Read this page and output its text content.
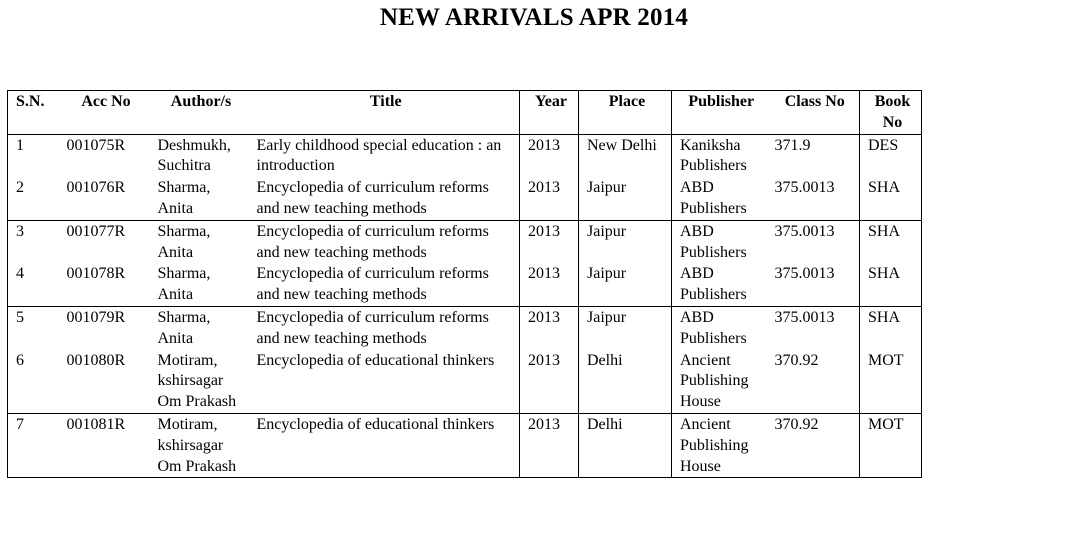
NEW ARRIVALS APR 2014
S.N.	Acc No	Author/s	Title	Year	Place	Publisher	Class No	Book No
1	001075R	Deshmukh, Suchitra	Early childhood special education : an introduction	2013	New Delhi	Kaniksha Publishers	371.9	DES
2	001076R	Sharma, Anita	Encyclopedia of curriculum reforms and new teaching methods	2013	Jaipur	ABD Publishers	375.0013	SHA
3	001077R	Sharma, Anita	Encyclopedia of curriculum reforms and new teaching methods	2013	Jaipur	ABD Publishers	375.0013	SHA
4	001078R	Sharma, Anita	Encyclopedia of curriculum reforms and new teaching methods	2013	Jaipur	ABD Publishers	375.0013	SHA
5	001079R	Sharma, Anita	Encyclopedia of curriculum reforms and new teaching methods	2013	Jaipur	ABD Publishers	375.0013	SHA
6	001080R	Motiram, kshirsagar Om Prakash	Encyclopedia of educational thinkers	2013	Delhi	Ancient Publishing House	370.92	MOT
7	001081R	Motiram, kshirsagar Om Prakash	Encyclopedia of educational thinkers	2013	Delhi	Ancient Publishing House	370.92	MOT
